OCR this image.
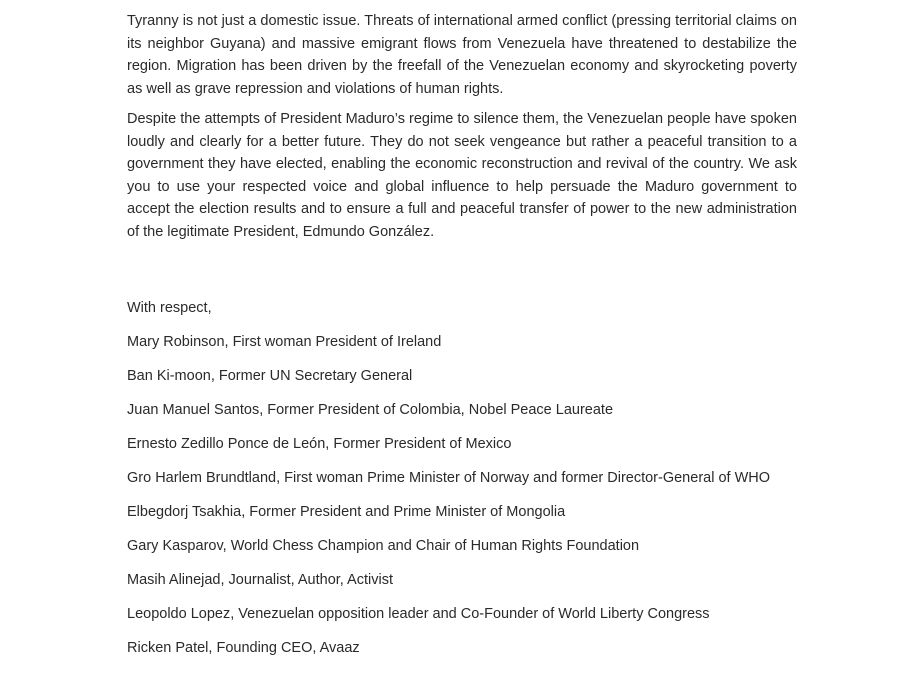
Tyranny is not just a domestic issue. Threats of international armed conflict (pressing territorial claims on its neighbor Guyana) and massive emigrant flows from Venezuela have threatened to destabilize the region. Migration has been driven by the freefall of the Venezuelan economy and skyrocketing poverty as well as grave repression and violations of human rights.

Despite the attempts of President Maduro’s regime to silence them, the Venezuelan people have spoken loudly and clearly for a better future. They do not seek vengeance but rather a peaceful transition to a government they have elected, enabling the economic reconstruction and revival of the country. We ask you to use your respected voice and global influence to help persuade the Maduro government to accept the election results and to ensure a full and peaceful transfer of power to the new administration of the legitimate President, Edmundo González.

With respect,

Mary Robinson, First woman President of Ireland
Ban Ki-moon, Former UN Secretary General
Juan Manuel Santos, Former President of Colombia, Nobel Peace Laureate
Ernesto Zedillo Ponce de León, Former President of Mexico
Gro Harlem Brundtland, First woman Prime Minister of Norway and former Director-General of WHO
Elbegdorj Tsakhia, Former President and Prime Minister of Mongolia
Gary Kasparov, World Chess Champion and Chair of Human Rights Foundation
Masih Alinejad, Journalist, Author, Activist
Leopoldo Lopez, Venezuelan opposition leader and Co-Founder of World Liberty Congress
Ricken Patel, Founding CEO, Avaaz
